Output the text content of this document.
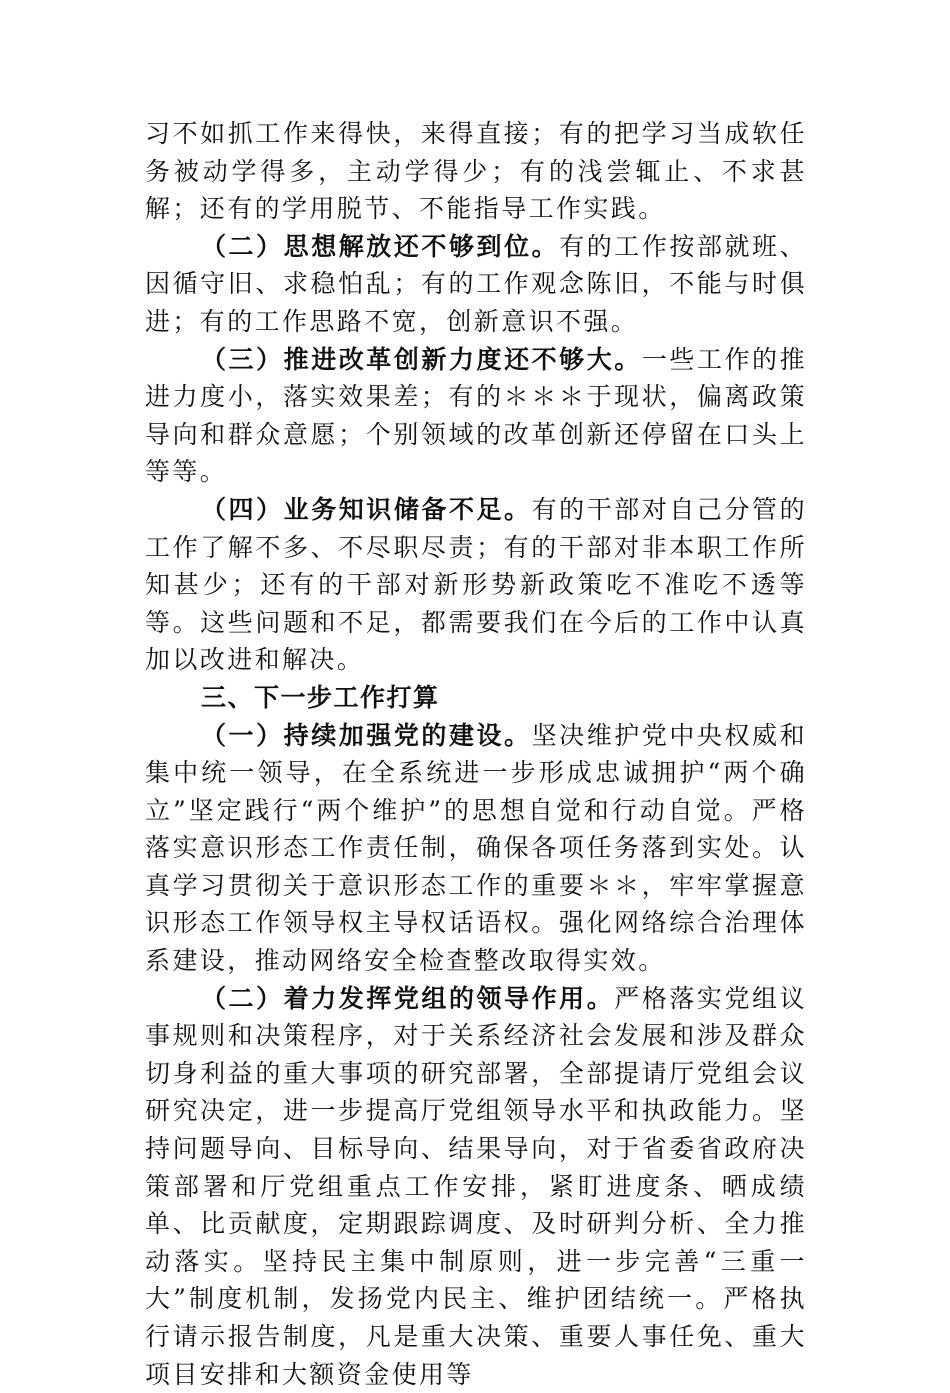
习不如抓工作来得快，来得直接；有的把学习当成软任务被动学得多，主动学得少；有的浅尝辄止、不求甚解；还有的学用脱节、不能指导工作实践。

（二）思想解放还不够到位。有的工作按部就班、因循守旧、求稳怕乱；有的工作观念陈旧，不能与时俱进；有的工作思路不宽，创新意识不强。

（三）推进改革创新力度还不够大。一些工作的推进力度小，落实效果差；有的＊＊＊于现状，偏离政策导向和群众意愿；个别领域的改革创新还停留在口头上等等。

（四）业务知识储备不足。有的干部对自己分管的工作了解不多、不尽职尽责；有的干部对非本职工作所知甚少；还有的干部对新形势新政策吃不准吃不透等等。这些问题和不足，都需要我们在今后的工作中认真加以改进和解决。

三、下一步工作打算

（一）持续加强党的建设。坚决维护党中央权威和集中统一领导，在全系统进一步形成忠诚拥护“两个确立”坚定践行“两个维护”的思想自觉和行动自觉。严格落实意识形态工作责任制，确保各项任务落到实处。认真学习贯彻关于意识形态工作的重要＊＊，牢牢掌握意识形态工作领导权主导权话语权。强化网络综合治理体系建设，推动网络安全检查整改取得实效。

（二）着力发挥党组的领导作用。严格落实党组议事规则和决策程序，对于关系经济社会发展和涉及群众切身利益的重大事项的研究部署，全部提请厅党组会议研究决定，进一步提高厅党组领导水平和执政能力。坚持问题导向、目标导向、结果导向，对于省委省政府决策部署和厅党组重点工作安排，紧盯进度条、晒成绩单、比贡献度，定期跟踪调度、及时研判分析、全力推动落实。坚持民主集中制原则，进一步完善“三重一大”制度机制，发扬党内民主、维护团结统一。严格执行请示报告制度，凡是重大决策、重要人事任免、重大项目安排和大额资金使用等
